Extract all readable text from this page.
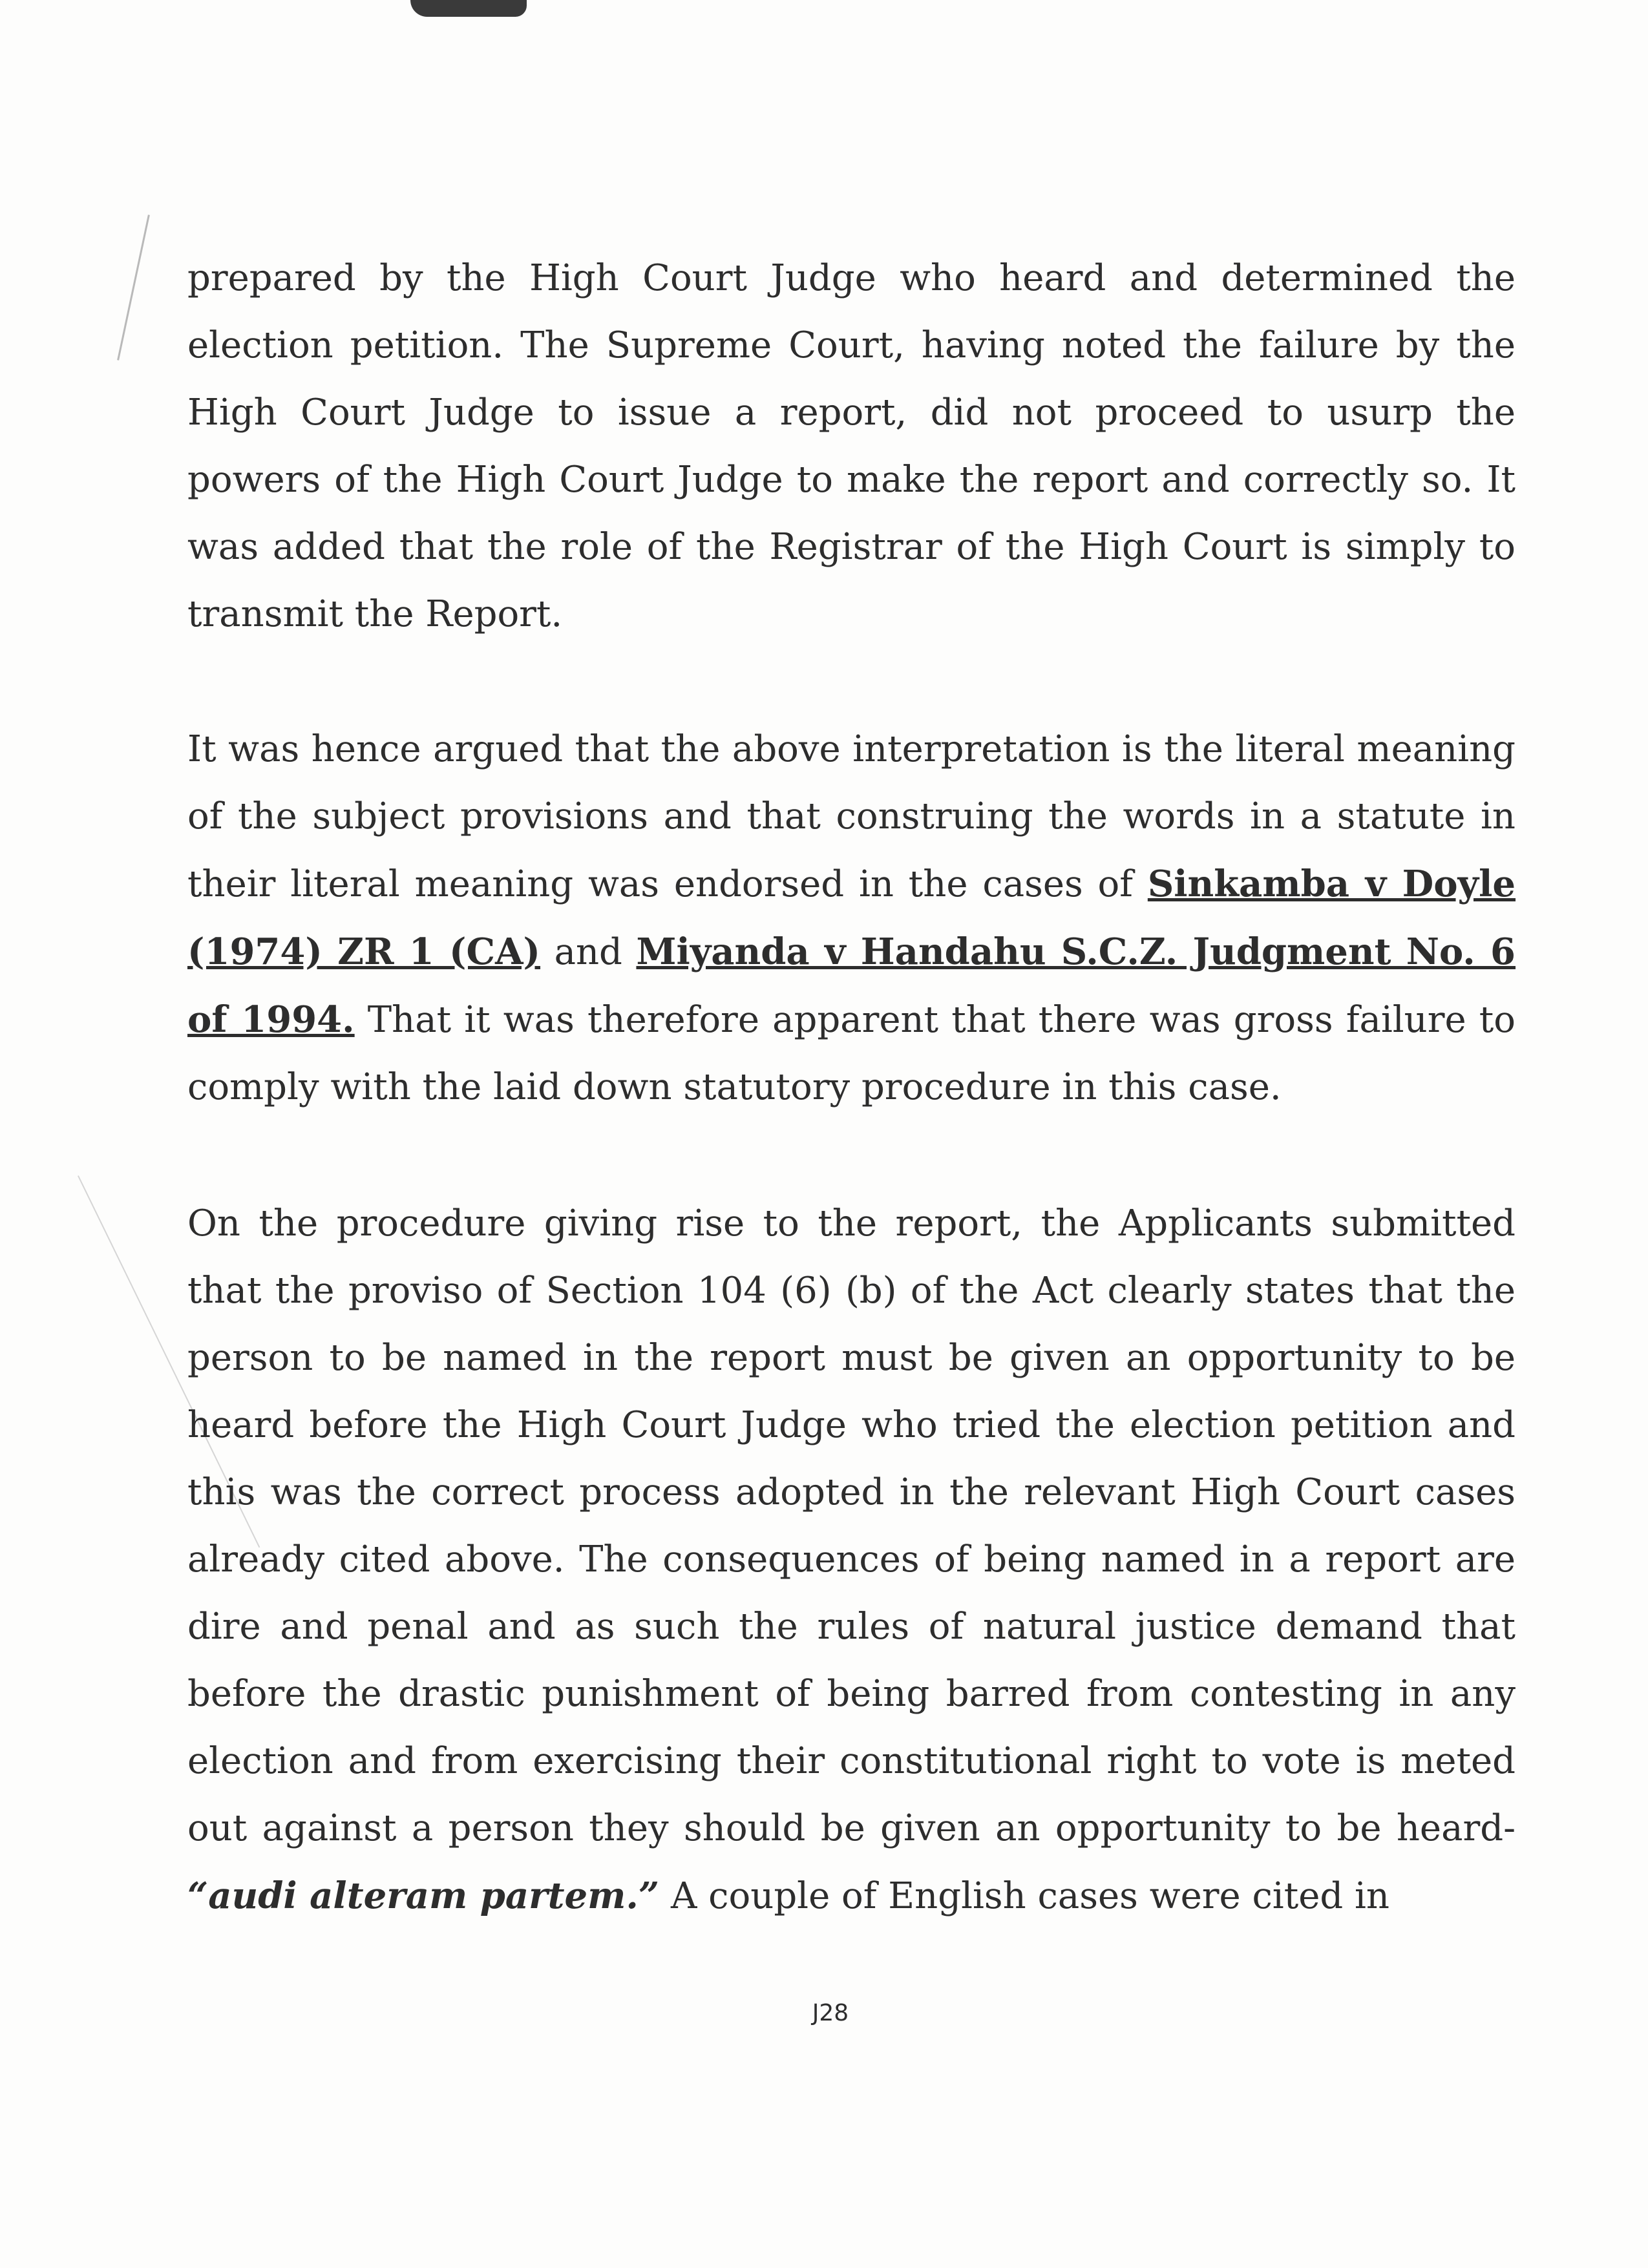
prepared by the High Court Judge who heard and determined the election petition. The Supreme Court, having noted the failure by the High Court Judge to issue a report, did not proceed to usurp the powers of the High Court Judge to make the report and correctly so. It was added that the role of the Registrar of the High Court is simply to transmit the Report.

It was hence argued that the above interpretation is the literal meaning of the subject provisions and that construing the words in a statute in their literal meaning was endorsed in the cases of Sinkamba v Doyle (1974) ZR 1 (CA) and Miyanda v Handahu S.C.Z. Judgment No. 6 of 1994. That it was therefore apparent that there was gross failure to comply with the laid down statutory procedure in this case.

On the procedure giving rise to the report, the Applicants submitted that the proviso of Section 104 (6) (b) of the Act clearly states that the person to be named in the report must be given an opportunity to be heard before the High Court Judge who tried the election petition and this was the correct process adopted in the relevant High Court cases already cited above. The consequences of being named in a report are dire and penal and as such the rules of natural justice demand that before the drastic punishment of being barred from contesting in any election and from exercising their constitutional right to vote is meted out against a person they should be given an opportunity to be heard- “audi alteram partem.” A couple of English cases were cited in

J28
